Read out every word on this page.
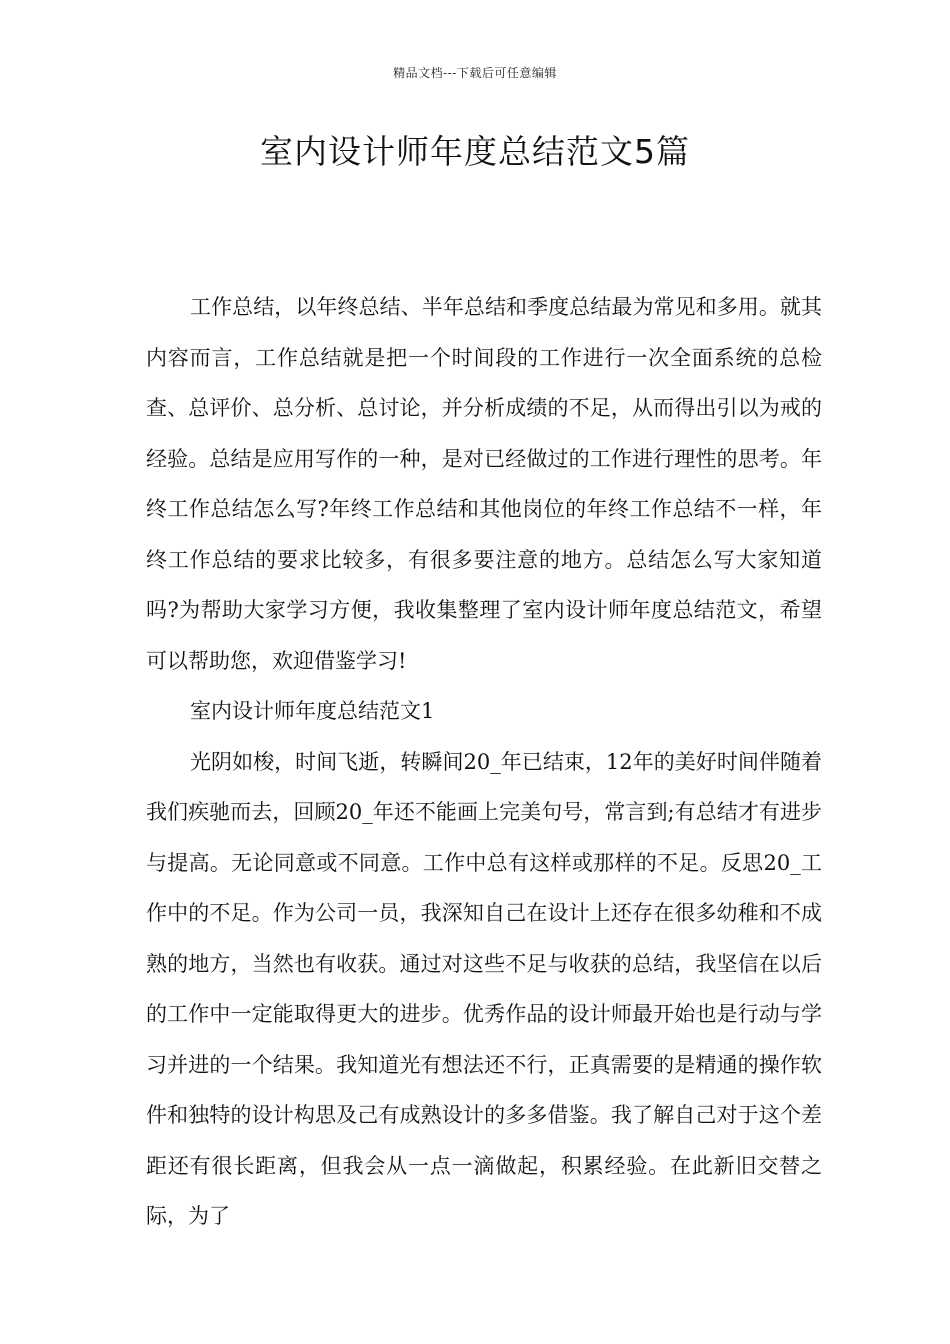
精品文档---下载后可任意编辑
室内设计师年度总结范文5篇

工作总结，以年终总结、半年总结和季度总结最为常见和多用。就其内容而言，工作总结就是把一个时间段的工作进行一次全面系统的总检查、总评价、总分析、总讨论，并分析成绩的不足，从而得出引以为戒的经验。总结是应用写作的一种，是对已经做过的工作进行理性的思考。年终工作总结怎么写?年终工作总结和其他岗位的年终工作总结不一样，年终工作总结的要求比较多，有很多要注意的地方。总结怎么写大家知道吗?为帮助大家学习方便，我收集整理了室内设计师年度总结范文，希望可以帮助您，欢迎借鉴学习!

室内设计师年度总结范文1

光阴如梭，时间飞逝，转瞬间20_年已结束，12年的美好时间伴随着我们疾驰而去，回顾20_年还不能画上完美句号，常言到;有总结才有进步与提高。无论同意或不同意。工作中总有这样或那样的不足。反思20_工作中的不足。作为公司一员，我深知自己在设计上还存在很多幼稚和不成熟的地方，当然也有收获。通过对这些不足与收获的总结，我坚信在以后的工作中一定能取得更大的进步。优秀作品的设计师最开始也是行动与学习并进的一个结果。我知道光有想法还不行，正真需要的是精通的操作软件和独特的设计构思及己有成熟设计的多多借鉴。我了解自己对于这个差距还有很长距离，但我会从一点一滴做起，积累经验。在此新旧交替之际，为了
